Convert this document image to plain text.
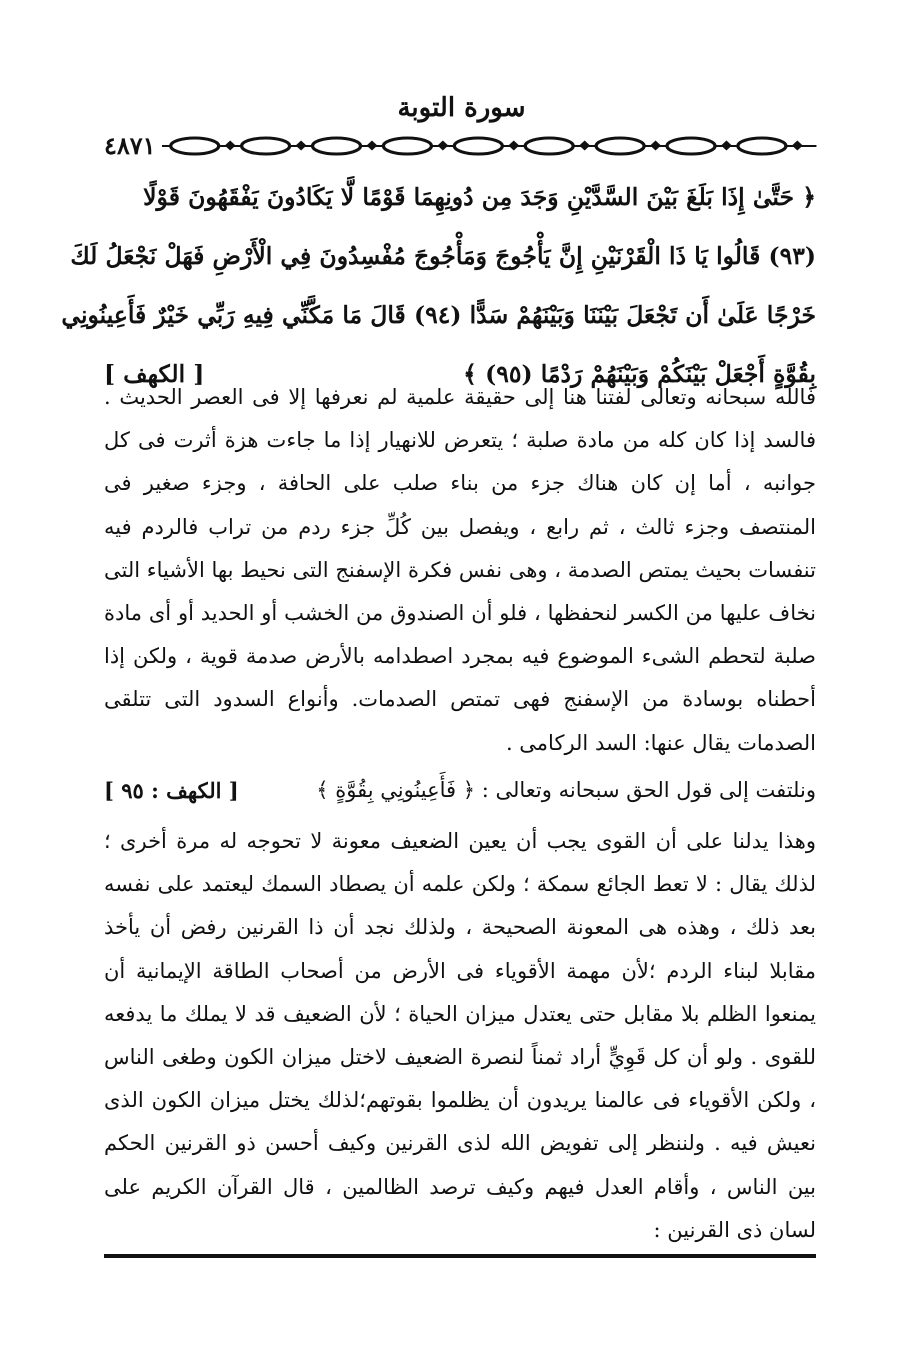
سورة التوبة
٤٨٧١
﴿ حَتَّىٰ إِذَا بَلَغَ بَيْنَ السَّدَّيْنِ وَجَدَ مِن دُونِهِمَا قَوْمًا لَّا يَكَادُونَ يَفْقَهُونَ قَوْلًا
(٩٣) قَالُوا يَا ذَا الْقَرْنَيْنِ إِنَّ يَأْجُوجَ وَمَأْجُوجَ مُفْسِدُونَ فِي الْأَرْضِ فَهَلْ نَجْعَلُ لَكَ
خَرْجًا عَلَىٰ أَن تَجْعَلَ بَيْنَنَا وَبَيْنَهُمْ سَدًّا (٩٤) قَالَ مَا مَكَّنِّي فِيهِ رَبِّي خَيْرٌ فَأَعِينُونِي
بِقُوَّةٍ أَجْعَلْ بَيْنَكُمْ وَبَيْنَهُمْ رَدْمًا (٩٥) ﴾
[ الكهف ]

فالله سبحانه وتعالى لفتنا هنا إلى حقيقة علمية لم نعرفها إلا فى العصر الحديث . فالسد إذا كان كله من مادة صلبة ؛ يتعرض للانهيار إذا ما جاءت هزة أثرت فى كل جوانبه ، أما إن كان هناك جزء من بناء صلب على الحافة ، وجزء صغير فى المنتصف وجزء ثالث ، ثم رابع ، ويفصل بين كُلِّ جزء ردم من تراب فالردم فيه تنفسات بحيث يمتص الصدمة ، وهى نفس فكرة الإسفنج التى نحيط بها الأشياء التى نخاف عليها من الكسر لنحفظها ، فلو أن الصندوق من الخشب أو الحديد أو أى مادة صلبة لتحطم الشىء الموضوع فيه بمجرد اصطدامه بالأرض صدمة قوية ، ولكن إذا أحطناه بوسادة من الإسفنج فهى تمتص الصدمات. وأنواع السدود التى تتلقى الصدمات يقال عنها: السد الركامى .

ونلتفت إلى قول الحق سبحانه وتعالى : ﴿ فَأَعِينُونِي بِقُوَّةٍ ﴾
[ الكهف : ٩٥ ]

وهذا يدلنا على أن القوى يجب أن يعين الضعيف معونة لا تحوجه له مرة أخرى ؛ لذلك يقال : لا تعط الجائع سمكة ؛ ولكن علمه أن يصطاد السمك ليعتمد على نفسه بعد ذلك ، وهذه هى المعونة الصحيحة ، ولذلك نجد أن ذا القرنين رفض أن يأخذ مقابلا لبناء الردم ؛لأن مهمة الأقوياء فى الأرض من أصحاب الطاقة الإيمانية أن يمنعوا الظلم بلا مقابل حتى يعتدل ميزان الحياة ؛ لأن الضعيف قد لا يملك ما يدفعه للقوى . ولو أن كل قَوِيٍّ أراد ثمناً لنصرة الضعيف لاختل ميزان الكون وطغى الناس ، ولكن الأقوياء فى عالمنا يريدون أن يظلموا بقوتهم؛لذلك يختل ميزان الكون الذى نعيش فيه . ولننظر إلى تفويض الله لذى القرنين وكيف أحسن ذو القرنين الحكم بين الناس ، وأقام العدل فيهم وكيف ترصد الظالمين ، قال القرآن الكريم على لسان ذى القرنين :
